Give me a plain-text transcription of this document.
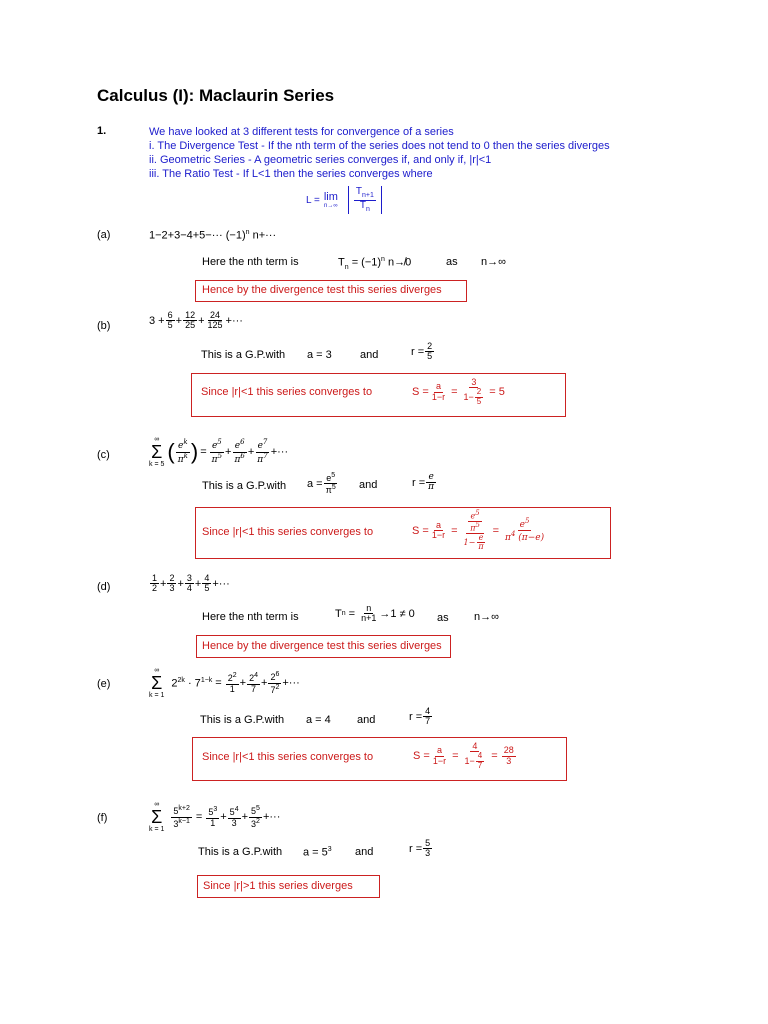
Calculus (I): Maclaurin Series
1.	We have looked at 3 different tests for convergence of a series
i. The Divergence Test - If the nth term of the series does not tend to 0 then the series diverges
ii. Geometric Series - A geometric series converges if, and only if, |r|<1
iii. The Ratio Test - If L<1 then the series converges where
L = lim
$n\to\infty \frac{T_{n+1}}{T_n}$
(a)	$1-2+3-4+5-\cdot\cdot\cdot (-1)^n$ n+···
Here the nth term is	$T_n = (-1)^n$ n↛0	as n→∞
Hence by the divergence test this series diverges
(b)	$3 + \frac{6}{5} + \frac{12}{25} + \frac{24}{125}$ +···
This is a G.P.with a = 3	and	$r = \frac{2}{5}$
Since |r|<1 this series converges to	$S = \frac{a}{1-r} = \frac{3}{1- \frac{2}{5}} = 5$
(c)
∞
Σ
k = 5
( $\frac{e^k}{\pi^k}$ ) = $\frac{e^5}{\pi^5} + \frac{e^6}{\pi^6} + \frac{e^7}{\pi^7}$ +···
This is a G.P.with $a = \frac{e^5}{\pi^5}$ and	$r = \frac{e}{\pi}$
Since |r|<1 this series converges to	$S = \frac{a}{1-r} = \frac{\frac{e^5}{\pi^5}}{1- \frac{e}{\pi}} = \frac{e^5}{\pi^4 (\pi-e)}$
(d)	$\frac{1}{2} + \frac{2}{3} + \frac{3}{4} + \frac{4}{5}$ +···
Here the nth term is	T $n = \frac{n}{n+1} \to 1 \ne 0$ as n→∞
Hence by the divergence test this series diverges
(e)
∞
Σ
k = 1
$2^{2k} \cdot 7^{1-k} = \frac{2^2}{1} + \frac{2^4}{7} + \frac{2^6}{7^2}$ +···
This is a G.P.with a = 4 and	$r = \frac{4}{7}$
Since |r|<1 this series converges to	$S = \frac{a}{1-r} = \frac{4}{1- \frac{4}{7}} = \frac{28}{3}$
(f)
∞
Σ
k = 1
$\frac{5^{k+2}}{3^{k-1}} = \frac{5^3}{1} + \frac{5^4}{3} + \frac{5^5}{3^2}$ +···
This is a G.P.with $a = 5^3$ and	$r = \frac{5}{3}$
Since |r|>1 this series diverges
